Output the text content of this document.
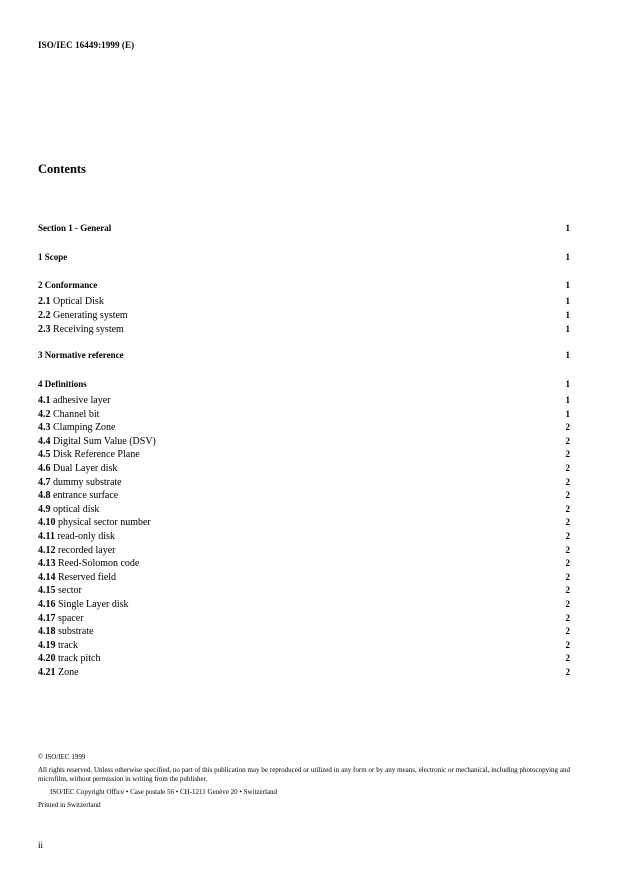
ISO/IEC 16449:1999 (E)
Contents
Section 1 - General	1
1 Scope	1
2 Conformance	1
2.1 Optical Disk	1
2.2 Generating system	1
2.3 Receiving system	1
3 Normative reference	1
4 Definitions	1
4.1 adhesive layer	1
4.2 Channel bit	1
4.3 Clamping Zone	2
4.4 Digital Sum Value (DSV)	2
4.5 Disk Reference Plane	2
4.6 Dual Layer disk	2
4.7 dummy substrate	2
4.8 entrance surface	2
4.9 optical disk	2
4.10 physical sector number	2
4.11 read-only disk	2
4.12 recorded layer	2
4.13 Reed-Solomon code	2
4.14 Reserved field	2
4.15 sector	2
4.16 Single Layer disk	2
4.17 spacer	2
4.18 substrate	2
4.19 track	2
4.20 track pitch	2
4.21 Zone	2
© ISO/IEC 1999
All rights reserved. Unless otherwise specified, no part of this publication may be reproduced or utilized in any form or by any means, electronic or mechanical, including photocopying and microfilm, without permission in writing from the publisher.
ISO/IEC Copyright Office • Case postale 56 • CH-1211 Genève 20 • Switzerland
Printed in Switzerland
ii
